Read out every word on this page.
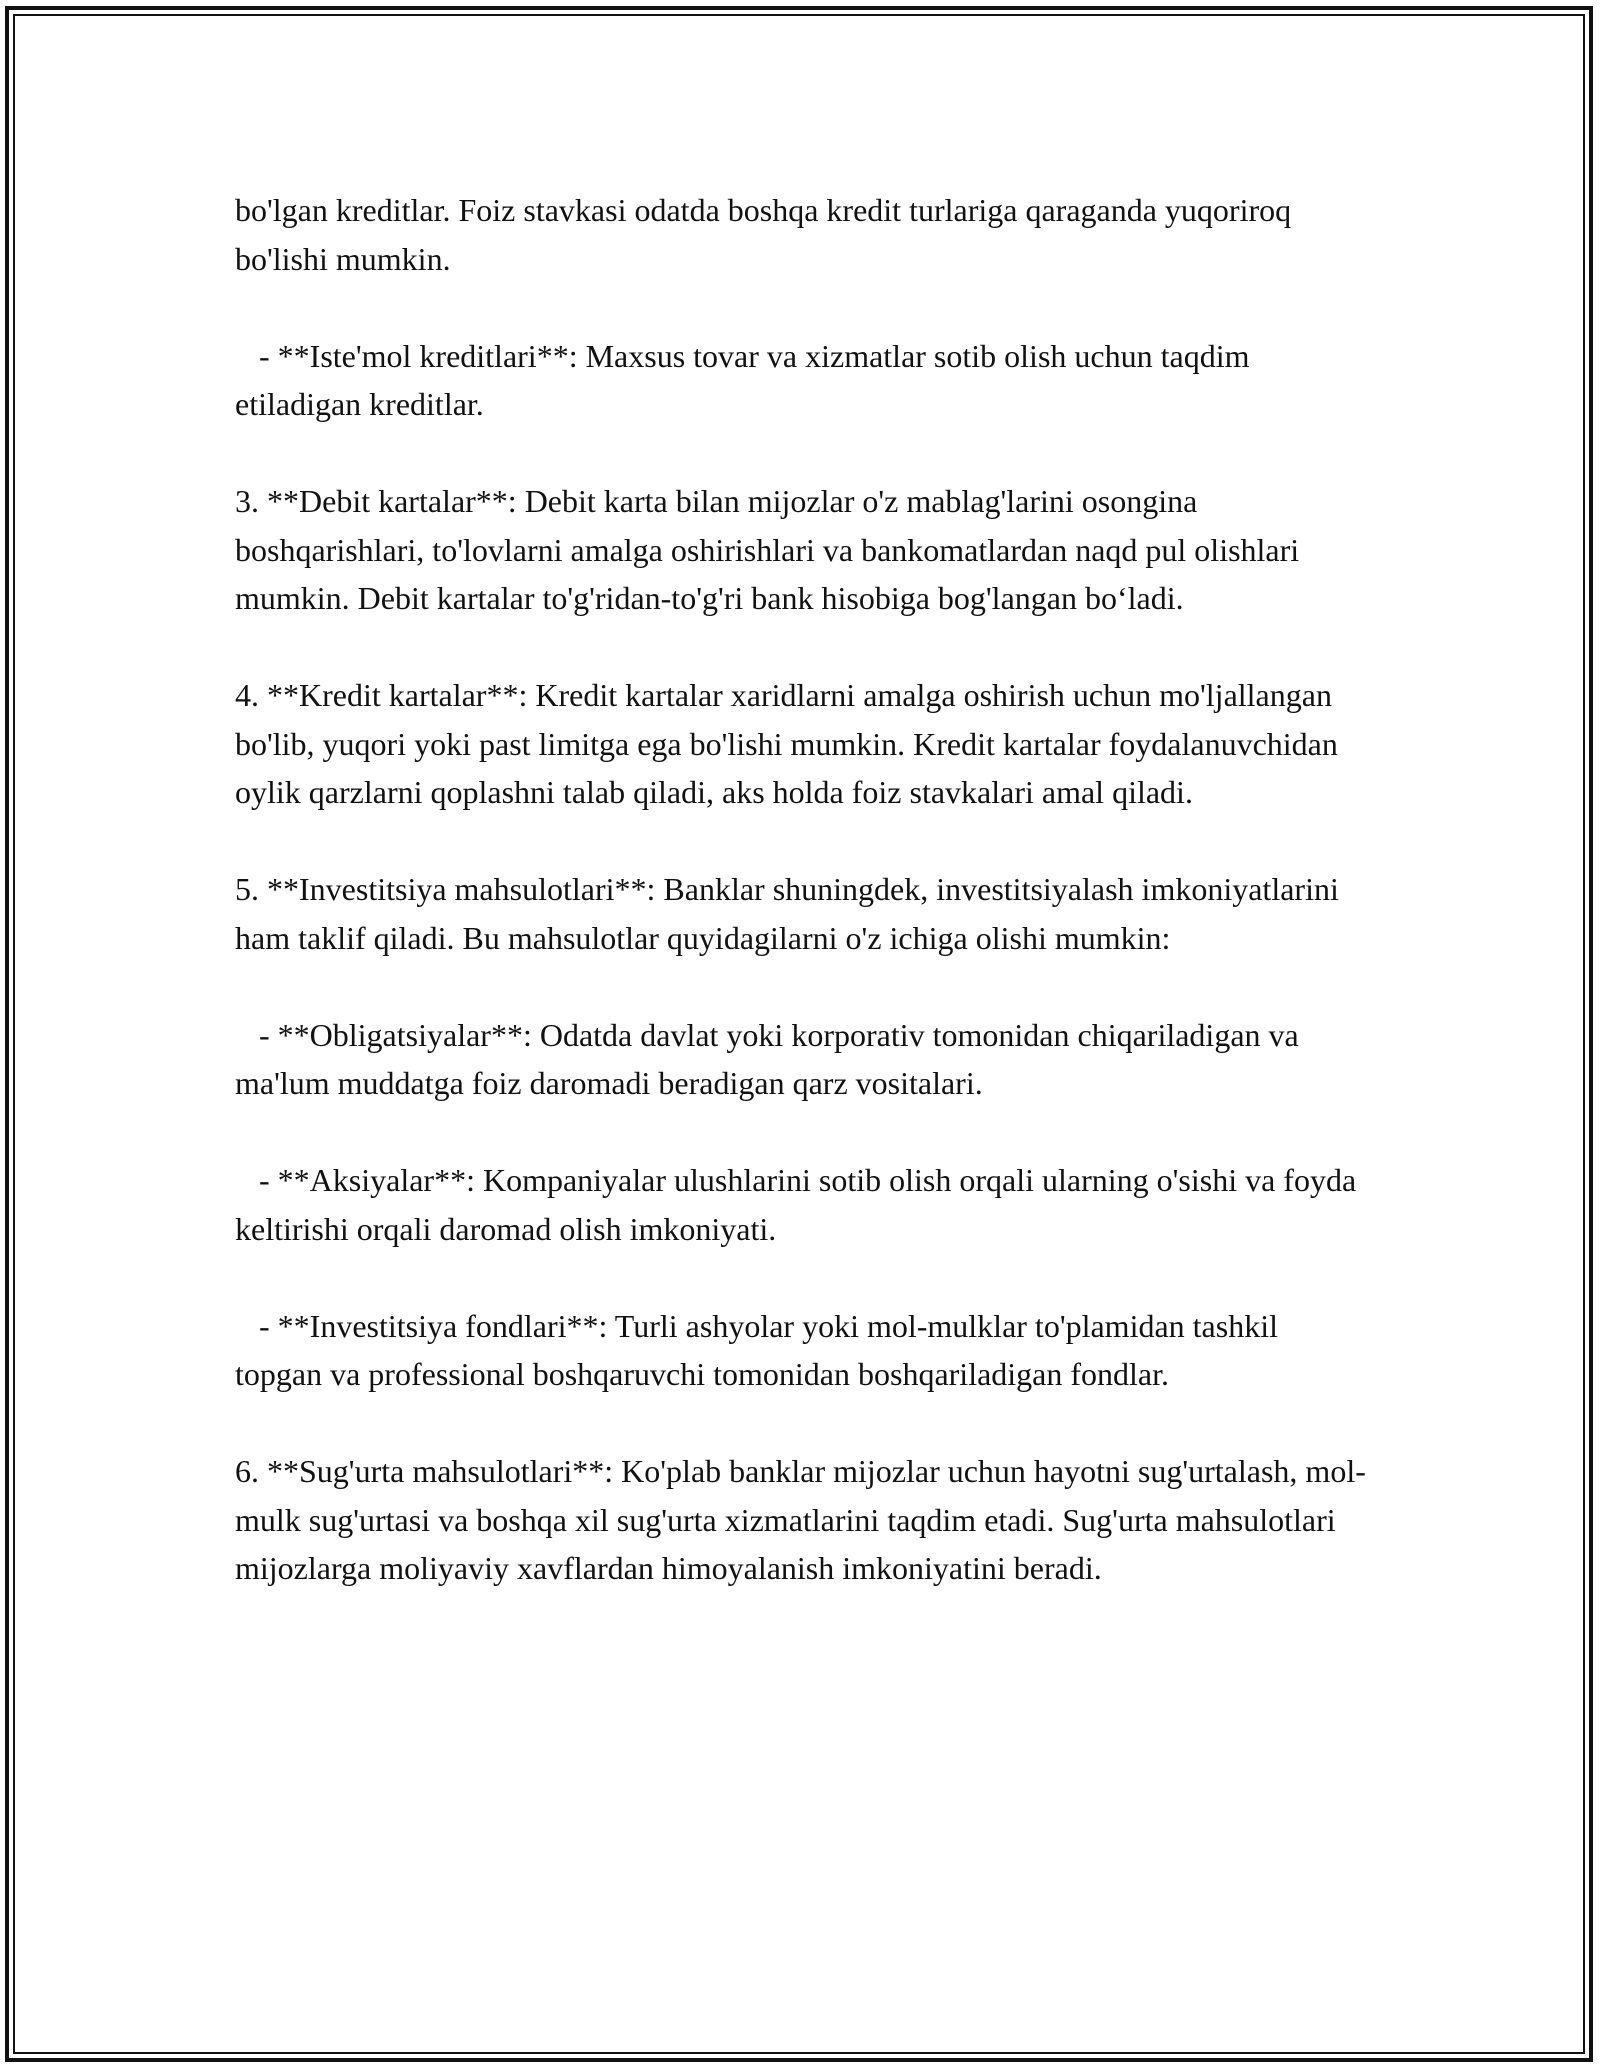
bo'lgan kreditlar. Foiz stavkasi odatda boshqa kredit turlariga qaraganda yuqoriroq bo'lishi mumkin.

- **Iste'mol kreditlari**: Maxsus tovar va xizmatlar sotib olish uchun taqdim etiladigan kreditlar.

3. **Debit kartalar**: Debit karta bilan mijozlar o'z mablag'larini osongina boshqarishlari, to'lovlarni amalga oshirishlari va bankomatlardan naqd pul olishlari mumkin. Debit kartalar to'g'ridan-to'g'ri bank hisobiga bog'langan bo‘ladi.

4. **Kredit kartalar**: Kredit kartalar xaridlarni amalga oshirish uchun mo'ljallangan bo'lib, yuqori yoki past limitga ega bo'lishi mumkin. Kredit kartalar foydalanuvchidan oylik qarzlarni qoplashni talab qiladi, aks holda foiz stavkalari amal qiladi.

5. **Investitsiya mahsulotlari**: Banklar shuningdek, investitsiyalash imkoniyatlarini ham taklif qiladi. Bu mahsulotlar quyidagilarni o'z ichiga olishi mumkin:

- **Obligatsiyalar**: Odatda davlat yoki korporativ tomonidan chiqariladigan va ma'lum muddatga foiz daromadi beradigan qarz vositalari.

- **Aksiyalar**: Kompaniyalar ulushlarini sotib olish orqali ularning o'sishi va foyda keltirishi orqali daromad olish imkoniyati.

- **Investitsiya fondlari**: Turli ashyolar yoki mol-mulklar to'plamidan tashkil topgan va professional boshqaruvchi tomonidan boshqariladigan fondlar.

6. **Sug'urta mahsulotlari**: Ko'plab banklar mijozlar uchun hayotni sug'urtalash, mol-mulk sug'urtasi va boshqa xil sug'urta xizmatlarini taqdim etadi. Sug'urta mahsulotlari mijozlarga moliyaviy xavflardan himoyalanish imkoniyatini beradi.
